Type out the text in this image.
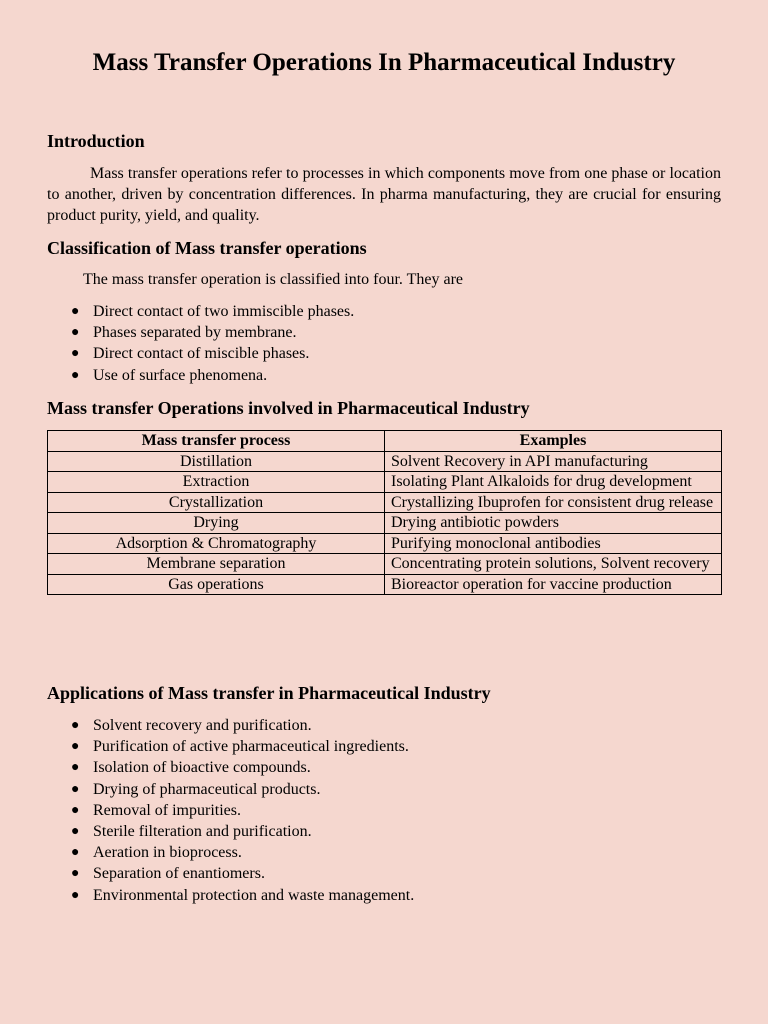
Mass Transfer Operations In Pharmaceutical Industry
Introduction

Mass transfer operations refer to processes in which components move from one phase or location to another, driven by concentration differences. In pharma manufacturing, they are crucial for ensuring product purity, yield, and quality.

Classification of Mass transfer operations

The mass transfer operation is classified into four. They are

● Direct contact of two immiscible phases.
● Phases separated by membrane.
● Direct contact of miscible phases.
● Use of surface phenomena.
Mass transfer Operations involved in Pharmaceutical Industry
Mass transfer process	Examples
Distillation	Solvent Recovery in API manufacturing
Extraction	Isolating Plant Alkaloids for drug development
Crystallization	Crystallizing Ibuprofen for consistent drug release
Drying	Drying antibiotic powders
Adsorption & Chromatography	Purifying monoclonal antibodies
Membrane separation	Concentrating protein solutions, Solvent recovery
Gas operations	Bioreactor operation for vaccine production
Applications of Mass transfer in Pharmaceutical Industry
● Solvent recovery and purification.
● Purification of active pharmaceutical ingredients.
● Isolation of bioactive compounds.
● Drying of pharmaceutical products.
● Removal of impurities.
● Sterile filteration and purification.
● Aeration in bioprocess.
● Separation of enantiomers.
● Environmental protection and waste management.
